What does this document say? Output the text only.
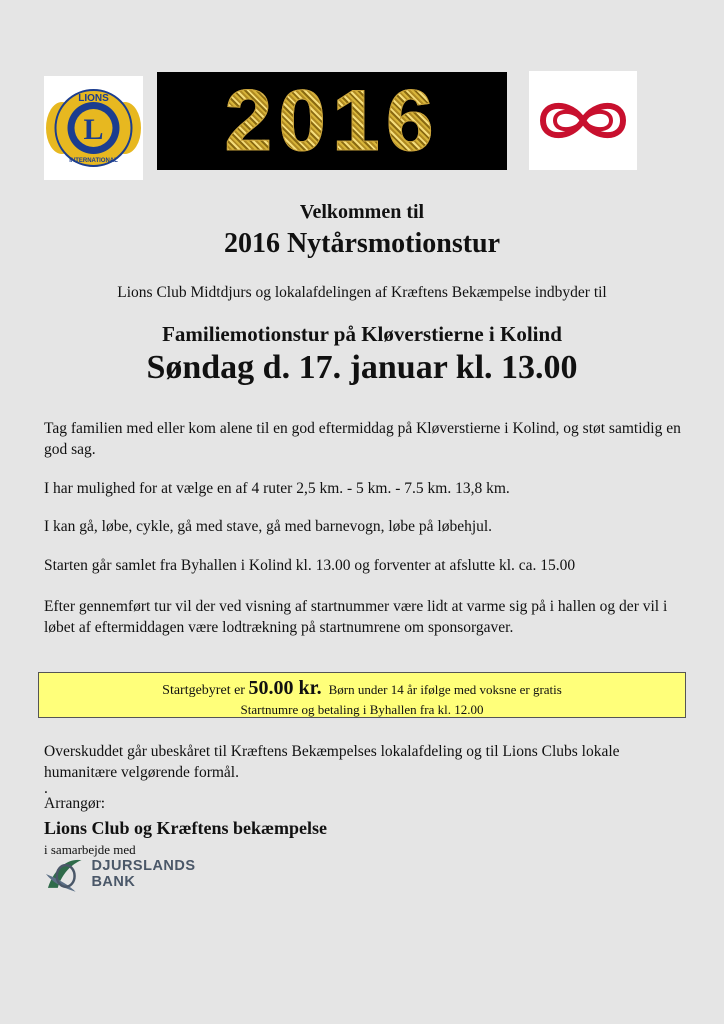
L
LIONS
INTERNATIONAL 2016
Velkommen til
2016 Nytårsmotionstur
Lions Club Midtdjurs og lokalafdelingen af Kræftens Bekæmpelse indbyder til
Familiemotionstur på Kløverstierne i Kolind
Søndag d. 17. januar kl. 13.00
Tag familien med eller kom alene til en god eftermiddag på Kløverstierne i Kolind, og støt samtidig en god sag.
I har mulighed for at vælge en af 4 ruter 2,5 km. - 5 km. - 7.5 km. 13,8 km.
I kan gå, løbe, cykle, gå med stave, gå med barnevogn, løbe på løbehjul.
Starten går samlet fra Byhallen i Kolind kl. 13.00 og forventer at afslutte kl. ca. 15.00
Efter gennemført tur vil der ved visning af startnummer være lidt at varme sig på i hallen og der vil i løbet af eftermiddagen være lodtrækning på startnumrene om sponsorgaver.
Startgebyret er 50.00 kr. Børn under 14 år ifølge med voksne er gratis
Startnumre og betaling i Byhallen fra kl. 12.00
Overskuddet går ubeskåret til Kræftens Bekæmpelses lokalafdeling og til Lions Clubs lokale humanitære velgørende formål.
.
Arrangør:
Lions Club og Kræftens bekæmpelse
i samarbejde med
DJURSLANDS BANK
